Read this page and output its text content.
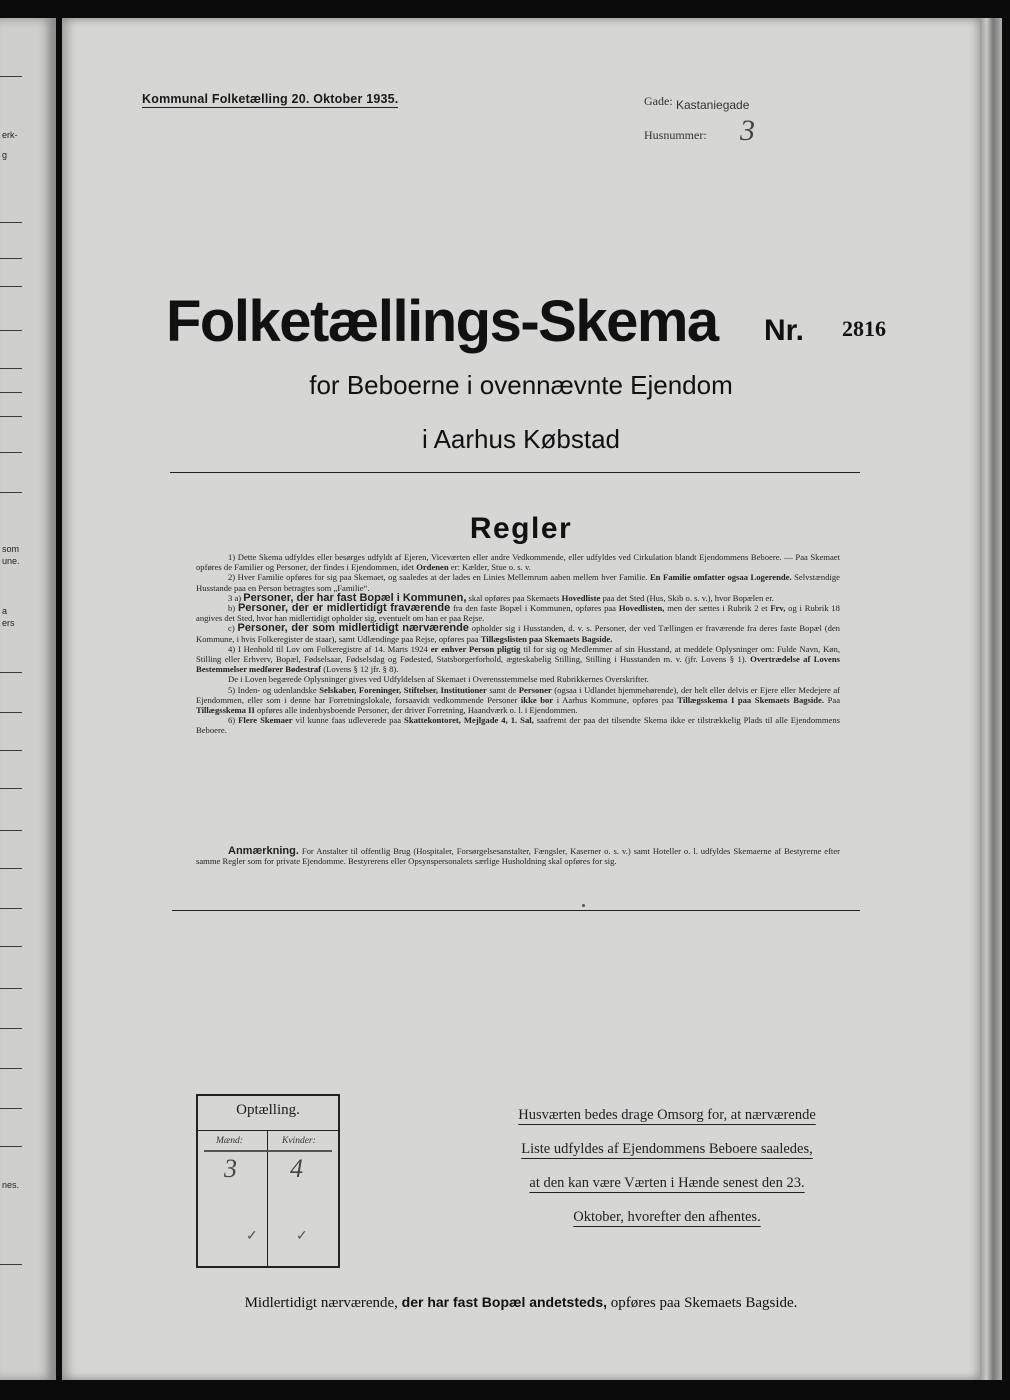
erk-
g
som
une.
a
ers
nes.
Kommunal Folketælling 20. Oktober 1935.	Gade: Kastaniegade
Husnummer: 3
Folketællings-Skema Nr. 2816
for Beboerne i ovennævnte Ejendom
i Aarhus Købstad
Regler

1) Dette Skema udfyldes eller besørges udfyldt af Ejeren, Viceværten eller andre Vedkommende, eller udfyldes ved Cirkulation blandt Ejendommens Beboere. — Paa Skemaet opføres de Familier og Personer, der findes i Ejendommen, idet Ordenen er: Kælder, Stue o. s. v.

2) Hver Familie opføres for sig paa Skemaet, og saaledes at der lades en Linies Mellemrum aaben mellem hver Familie. En Familie omfatter ogsaa Logerende. Selvstændige Husstande paa en Person betragtes som „Familie“.

3 a) Personer, der har fast Bopæl i Kommunen, skal opføres paa Skemaets Hovedliste paa det Sted (Hus, Skib o. s. v.), hvor Bopælen er.

b) Personer, der er midlertidigt fraværende fra den faste Bopæl i Kommunen, opføres paa Hovedlisten, men der sættes i Rubrik 2 et Frv, og i Rubrik 18 angives det Sted, hvor han midlertidigt opholder sig, eventuelt om han er paa Rejse.

c) Personer, der som midlertidigt nærværende opholder sig i Husstanden, d. v. s. Personer, der ved Tællingen er fraværende fra deres faste Bopæl (den Kommune, i hvis Folkeregister de staar), samt Udlændinge paa Rejse, opføres paa Tillægslisten paa Skemaets Bagside.

4) I Henhold til Lov om Folkeregistre af 14. Marts 1924 er enhver Person pligtig til for sig og Medlemmer af sin Husstand, at meddele Oplysninger om: Fulde Navn, Køn, Stilling eller Erhverv, Bopæl, Fødselsaar, Fødselsdag og Fødested, Statsborgerforhold, ægteskabelig Stilling, Stilling i Husstanden m. v. (jfr. Lovens § 1). Overtrædelse af Lovens Bestemmelser medfører Bødestraf (Lovens § 12 jfr. § 8).

De i Loven begærede Oplysninger gives ved Udfyldelsen af Skemaet i Overensstemmelse med Rubrikkernes Overskrifter.

5) Inden- og udenlandske Selskaber, Foreninger, Stiftelser, Institutioner samt de Personer (ogsaa i Udlandet hjemmehørende), der helt eller delvis er Ejere eller Medejere af Ejendommen, eller som i denne har Forretningslokale, forsaavidt vedkommende Personer ikke bor i Aarhus Kommune, opføres paa Tillægsskema I paa Skemaets Bagside. Paa Tillægsskema II opføres alle indenbysboende Personer, der driver Forretning, Haandværk o. l. i Ejendommen.

6) Flere Skemaer vil kunne faas udleverede paa Skattekontoret, Mejlgade 4, 1. Sal, saafremt der paa det tilsendte Skema ikke er tilstrækkelig Plads til alle Ejendommens Beboere.

Anmærkning. For Anstalter til offentlig Brug (Hospitaler, Forsørgelsesanstalter, Fængsler, Kaserner o. s. v.) samt Hoteller o. l. udfyldes Skemaerne af Bestyrerne efter samme Regler som for private Ejendomme. Bestyrerens eller Opsynspersonalets særlige Husholdning skal opføres for sig.

Optælling.
Mænd:	Kvinder:
3 4
✓	✓
Husværten bedes drage Omsorg for, at nærværende
Liste udfyldes af Ejendommens Beboere saaledes,
at den kan være Værten i Hænde senest den 23.
Oktober, hvorefter den afhentes.
Midlertidigt nærværende, der har fast Bopæl andetsteds, opføres paa Skemaets Bagside.
